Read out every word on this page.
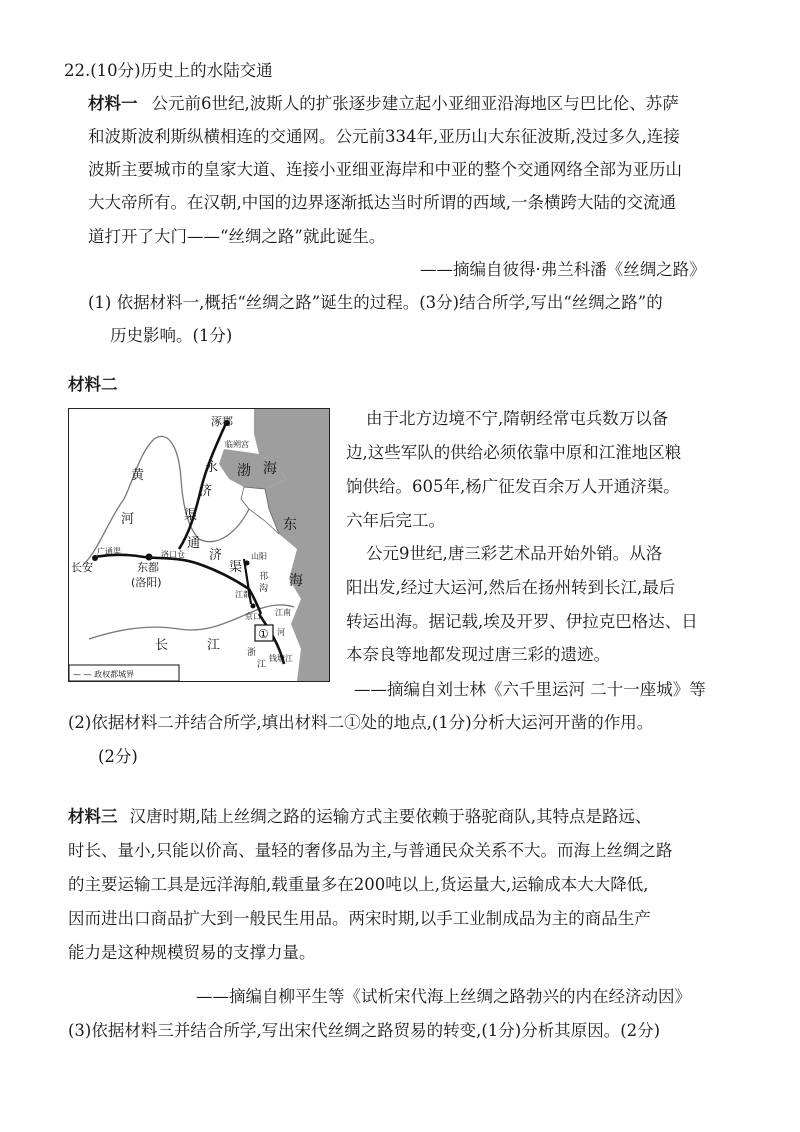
22.(10分)历史上的水陆交通
材料一 公元前6世纪,波斯人的扩张逐步建立起小亚细亚沿海地区与巴比伦、苏萨
和波斯波利斯纵横相连的交通网。公元前334年,亚历山大东征波斯,没过多久,连接
波斯主要城市的皇家大道、连接小亚细亚海岸和中亚的整个交通网络全部为亚历山
大大帝所有。在汉朝,中国的边界逐渐抵达当时所谓的西域,一条横跨大陆的交流通
道打开了大门——“丝绸之路”就此诞生。
——摘编自彼得·弗兰科潘《丝绸之路》
(1) 依据材料一,概括“丝绸之路”诞生的过程。(3分)结合所学,写出“丝绸之路”的
历史影响。(1分)
材料二
涿郡
临朔宫
永
济
渠
渤 海
东
海
黄
河
通
济
渠
长安
广通渠
东都
(洛阳)
洛口仓	山阳
邗
沟
江都
京口 江南
河
长	江	浙
江
钱塘江
①
— — 政权都城界
由于北方边境不宁,隋朝经常屯兵数万以备
边,这些军队的供给必须依靠中原和江淮地区粮
饷供给。605年,杨广征发百余万人开通济渠。
六年后完工。
公元9世纪,唐三彩艺术品开始外销。从洛
阳出发,经过大运河,然后在扬州转到长江,最后
转运出海。据记载,埃及开罗、伊拉克巴格达、日
本奈良等地都发现过唐三彩的遗迹。
——摘编自刘士林《六千里运河 二十一座城》等
(2)依据材料二并结合所学,填出材料二①处的地点,(1分)分析大运河开凿的作用。
(2分)
材料三 汉唐时期,陆上丝绸之路的运输方式主要依赖于骆驼商队,其特点是路远、
时长、量小,只能以价高、量轻的奢侈品为主,与普通民众关系不大。而海上丝绸之路
的主要运输工具是远洋海舶,载重量多在200吨以上,货运量大,运输成本大大降低,
因而进出口商品扩大到一般民生用品。两宋时期,以手工业制成品为主的商品生产
能力是这种规模贸易的支撑力量。
——摘编自柳平生等《试析宋代海上丝绸之路勃兴的内在经济动因》
(3)依据材料三并结合所学,写出宋代丝绸之路贸易的转变,(1分)分析其原因。(2分)
